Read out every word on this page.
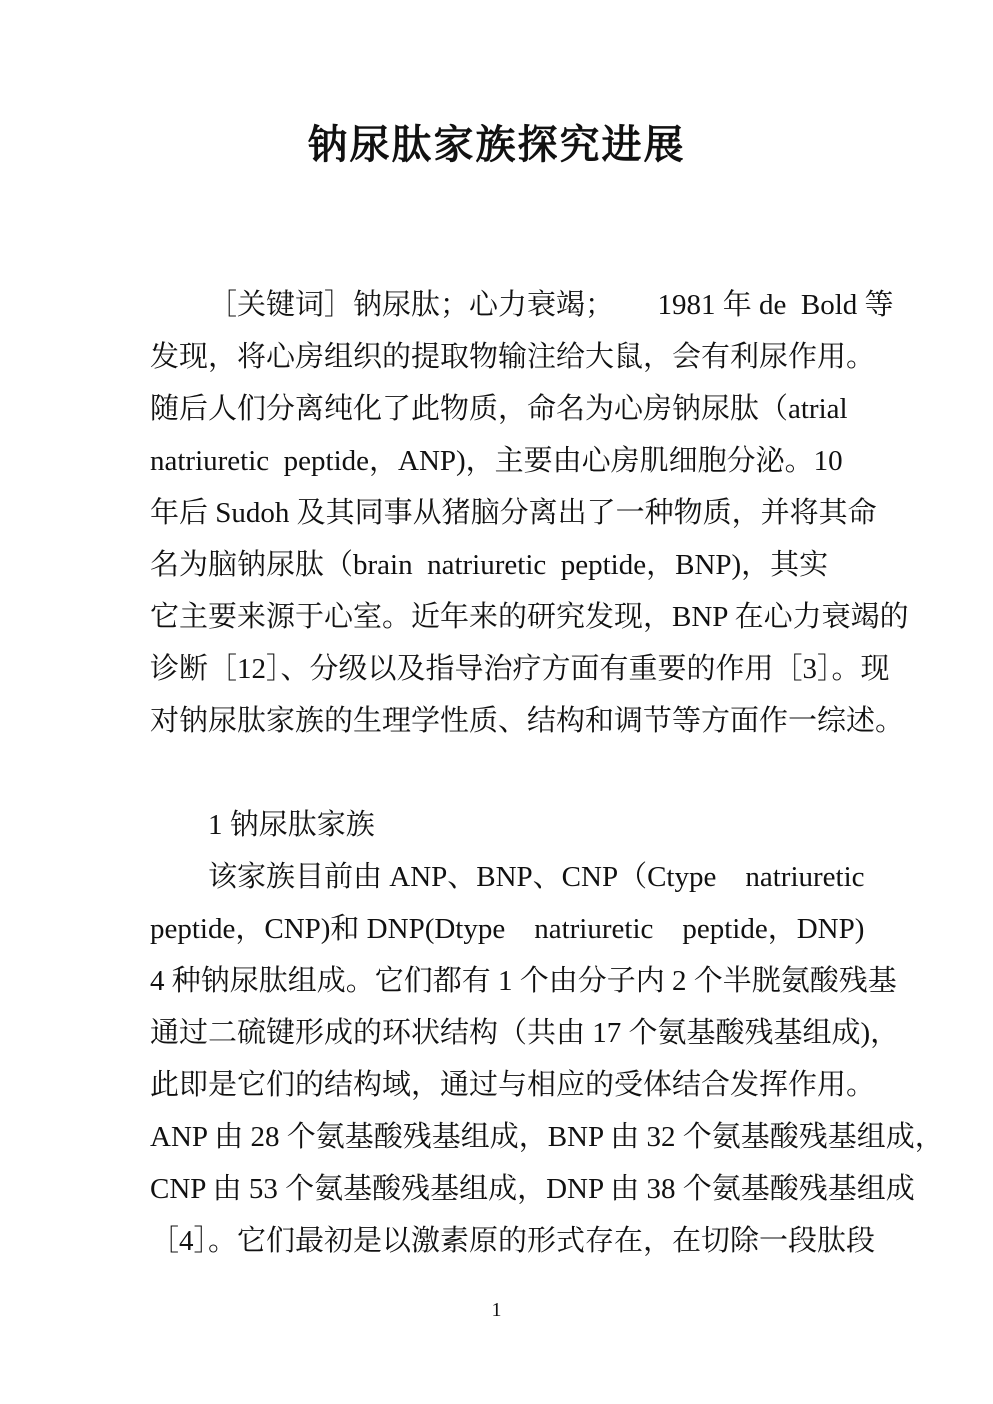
钠尿肽家族探究进展
［关键词］钠尿肽；心力衰竭；　　1981 年 de  Bold 等
发现，将心房组织的提取物输注给大鼠，会有利尿作用。
随后人们分离纯化了此物质，命名为心房钠尿肽（atrial
natriuretic  peptide，ANP)，主要由心房肌细胞分泌。10
年后 Sudoh 及其同事从猪脑分离出了一种物质，并将其命
名为脑钠尿肽（brain  natriuretic  peptide，BNP)，其实
它主要来源于心室。近年来的研究发现，BNP 在心力衰竭的
诊断［12］、分级以及指导治疗方面有重要的作用［3］。现
对钠尿肽家族的生理学性质、结构和调节等方面作一综述。
1 钠尿肽家族
该家族目前由 ANP、BNP、CNP（Ctype　natriuretic
peptide，CNP)和 DNP(Dtype　natriuretic　peptide，DNP)
4 种钠尿肽组成。它们都有 1 个由分子内 2 个半胱氨酸残基
通过二硫键形成的环状结构（共由 17 个氨基酸残基组成)，
此即是它们的结构域，通过与相应的受体结合发挥作用。
ANP 由 28 个氨基酸残基组成，BNP 由 32 个氨基酸残基组成，
CNP 由 53 个氨基酸残基组成，DNP 由 38 个氨基酸残基组成
［4］。它们最初是以激素原的形式存在，在切除一段肽段
1
